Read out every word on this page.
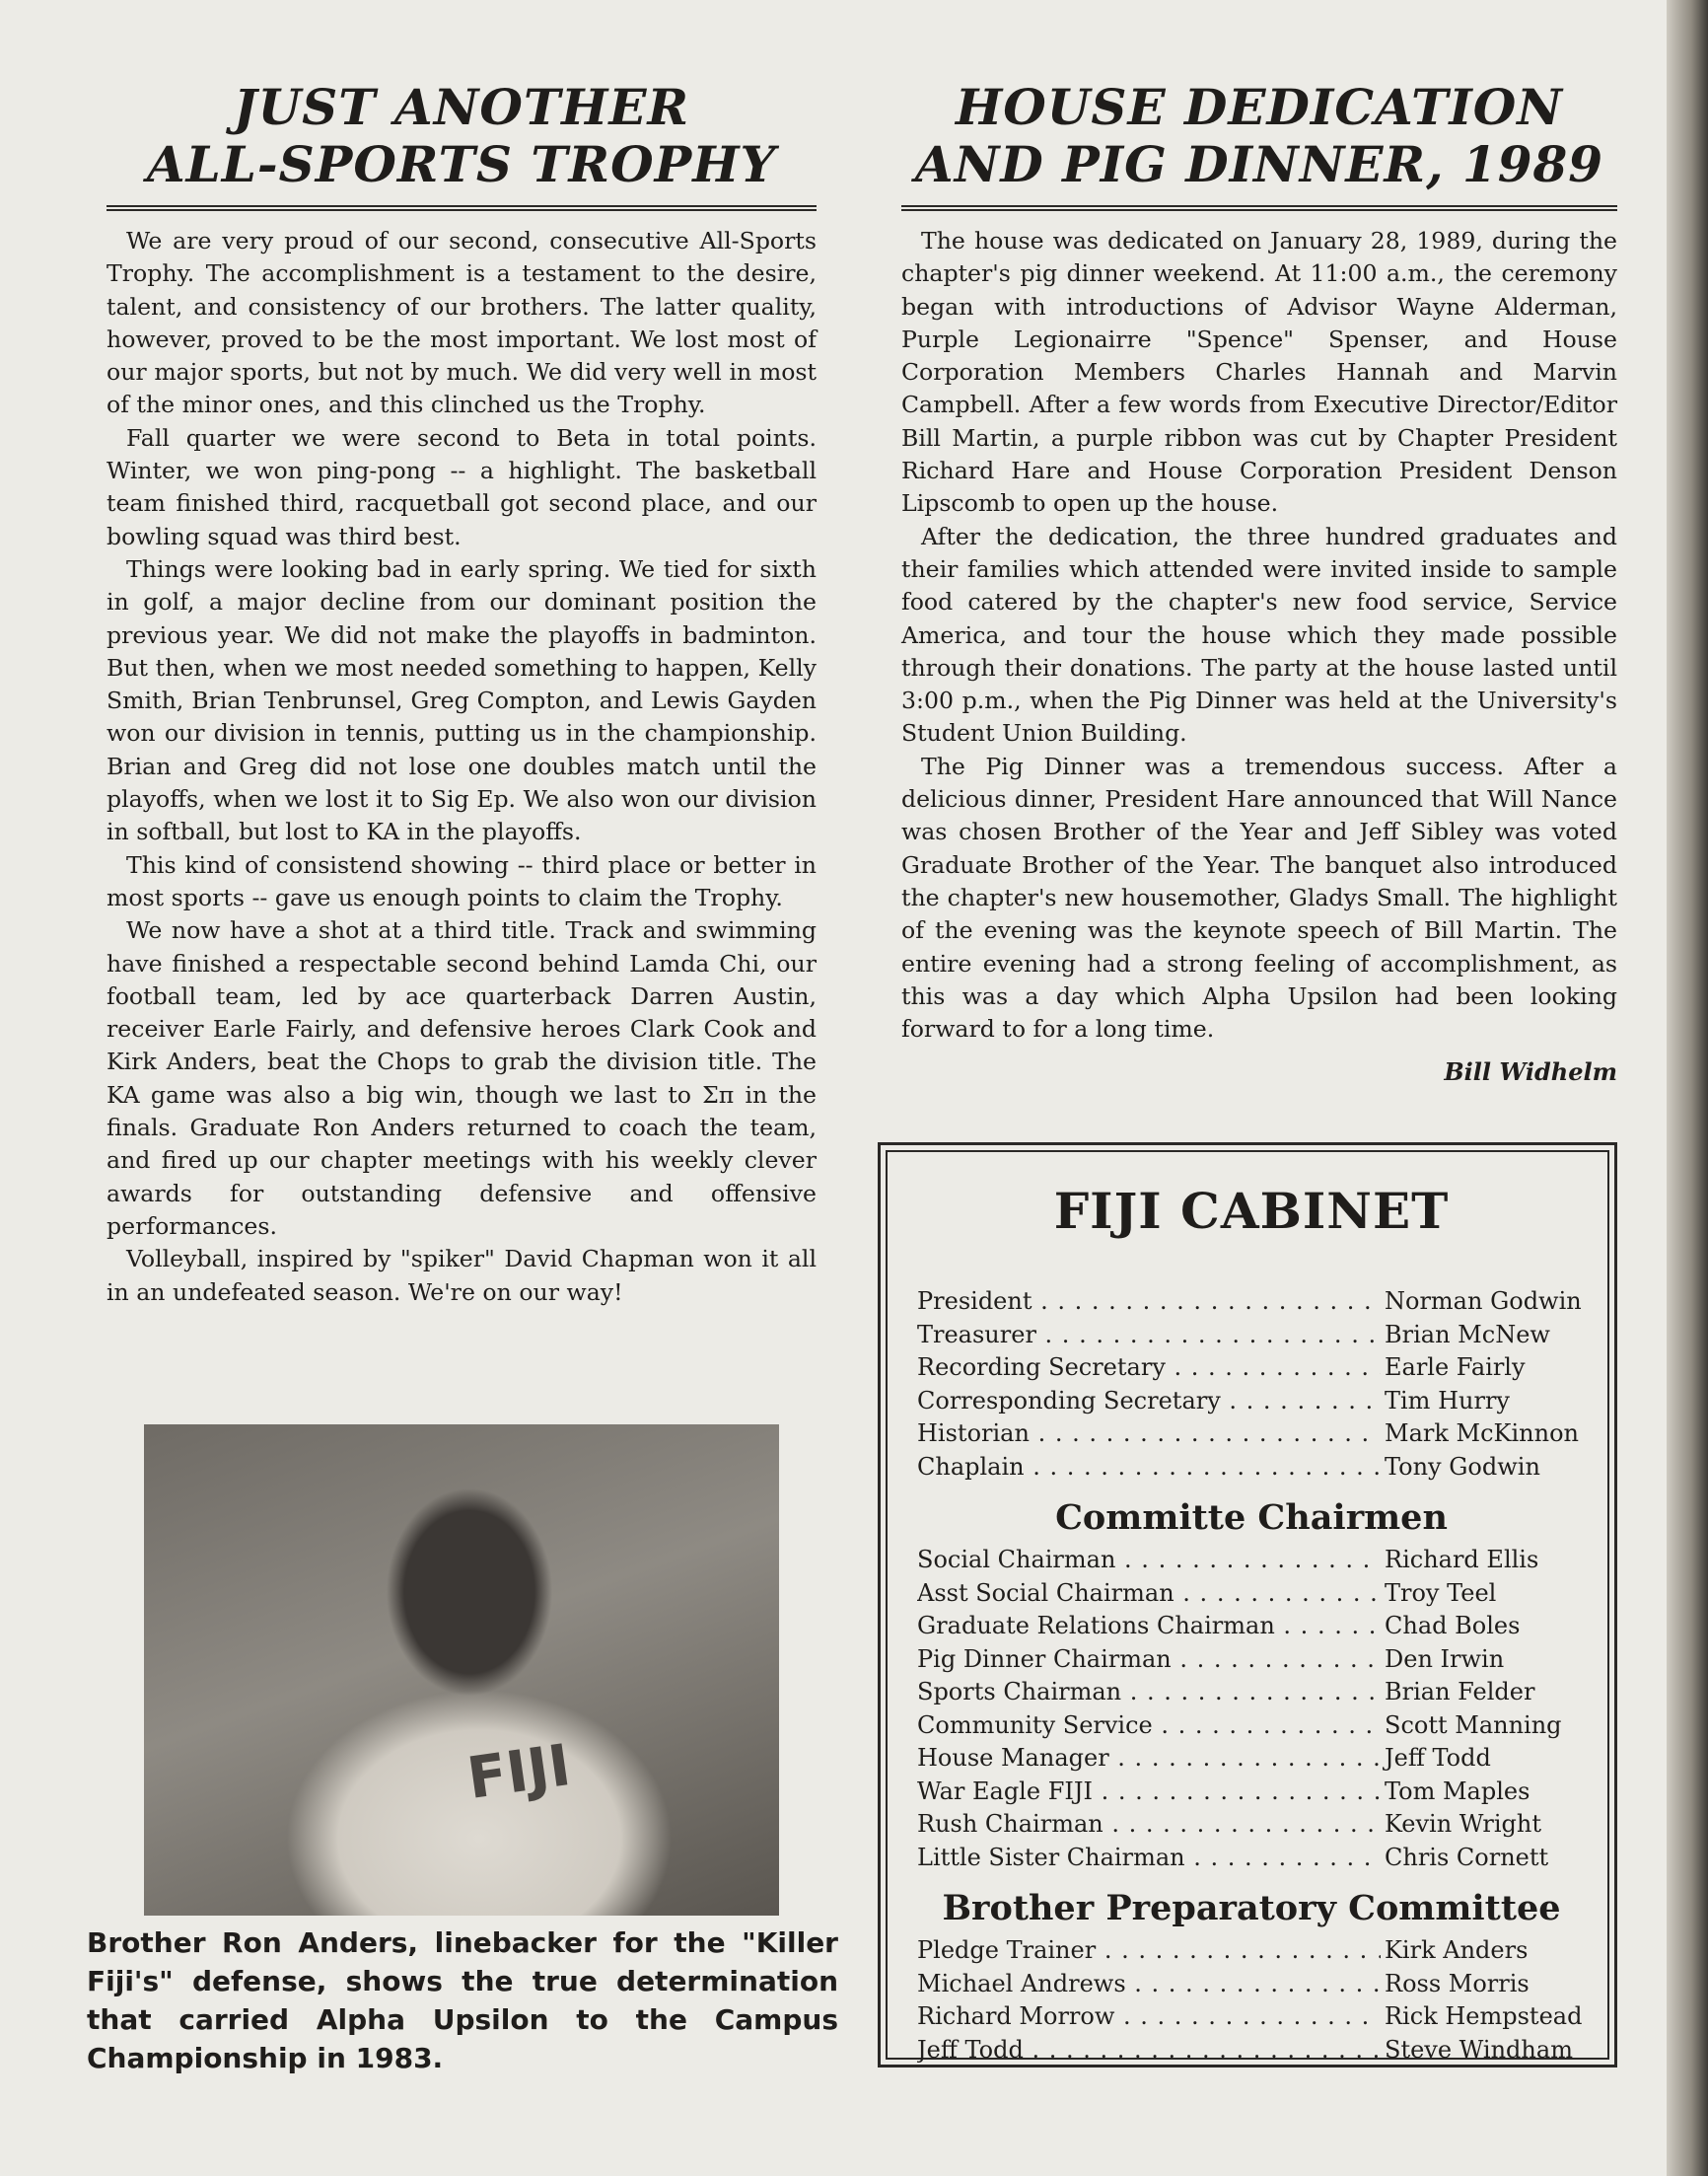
JUST ANOTHER
ALL-SPORTS TROPHY

We are very proud of our second, consecutive All-Sports Trophy. The accomplishment is a testament to the desire, talent, and consistency of our brothers. The latter quality, however, proved to be the most important. We lost most of our major sports, but not by much. We did very well in most of the minor ones, and this clinched us the Trophy.

Fall quarter we were second to Beta in total points. Winter, we won ping-pong -- a highlight. The basketball team finished third, racquetball got second place, and our bowling squad was third best.

Things were looking bad in early spring. We tied for sixth in golf, a major decline from our dominant position the previous year. We did not make the playoffs in badminton. But then, when we most needed something to happen, Kelly Smith, Brian Tenbrunsel, Greg Compton, and Lewis Gayden won our division in tennis, putting us in the championship. Brian and Greg did not lose one doubles match until the playoffs, when we lost it to Sig Ep. We also won our division in softball, but lost to KA in the playoffs.

This kind of consistend showing -- third place or better in most sports -- gave us enough points to claim the Trophy.

We now have a shot at a third title. Track and swimming have finished a respectable second behind Lamda Chi, our football team, led by ace quarterback Darren Austin, receiver Earle Fairly, and defensive heroes Clark Cook and Kirk Anders, beat the Chops to grab the division title. The KA game was also a big win, though we last to Σπ in the finals. Graduate Ron Anders returned to coach the team, and fired up our chapter meetings with his weekly clever awards for outstanding defensive and offensive performances.

Volleyball, inspired by "spiker" David Chapman won it all in an undefeated season. We're on our way!

FIJI

Brother Ron Anders, linebacker for the "Killer Fiji's" defense, shows the true determination that carried Alpha Upsilon to the Campus Championship in 1983.

HOUSE DEDICATION
AND PIG DINNER, 1989

The house was dedicated on January 28, 1989, during the chapter's pig dinner weekend. At 11:00 a.m., the ceremony began with introductions of Advisor Wayne Alderman, Purple Legionairre "Spence" Spenser, and House Corporation Members Charles Hannah and Marvin Campbell. After a few words from Executive Director/Editor Bill Martin, a purple ribbon was cut by Chapter President Richard Hare and House Corporation President Denson Lipscomb to open up the house.

After the dedication, the three hundred graduates and their families which attended were invited inside to sample food catered by the chapter's new food service, Service America, and tour the house which they made possible through their donations. The party at the house lasted until 3:00 p.m., when the Pig Dinner was held at the University's Student Union Building.

The Pig Dinner was a tremendous success. After a delicious dinner, President Hare announced that Will Nance was chosen Brother of the Year and Jeff Sibley was voted Graduate Brother of the Year. The banquet also introduced the chapter's new housemother, Gladys Small. The highlight of the evening was the keynote speech of Bill Martin. The entire evening had a strong feeling of accomplishment, as this was a day which Alpha Upsilon had been looking forward to for a long time.

Bill Widhelm
FIJI CABINET
President . . .	Norman Godwin
Treasurer . . .	Brian McNew
Recording Secretary . . .	Earle Fairly
Corresponding Secretary . . .	Tim Hurry
Historian . . .	Mark McKinnon
Chaplain . . .	Tony Godwin
Committe Chairmen
Social Chairman . . .	Richard Ellis
Asst Social Chairman . . .	Troy Teel
Graduate Relations Chairman . . .	Chad Boles
Pig Dinner Chairman . . .	Den Irwin
Sports Chairman . . .	Brian Felder
Community Service . . .	Scott Manning
House Manager . . .	Jeff Todd
War Eagle FIJI . . .	Tom Maples
Rush Chairman . . .	Kevin Wright
Little Sister Chairman . . .	Chris Cornett
Brother Preparatory Committee
Pledge Trainer . . .	Kirk Anders
Michael Andrews . . .	Ross Morris
Richard Morrow . . .	Rick Hempstead
Jeff Todd . . .	Steve Windham
